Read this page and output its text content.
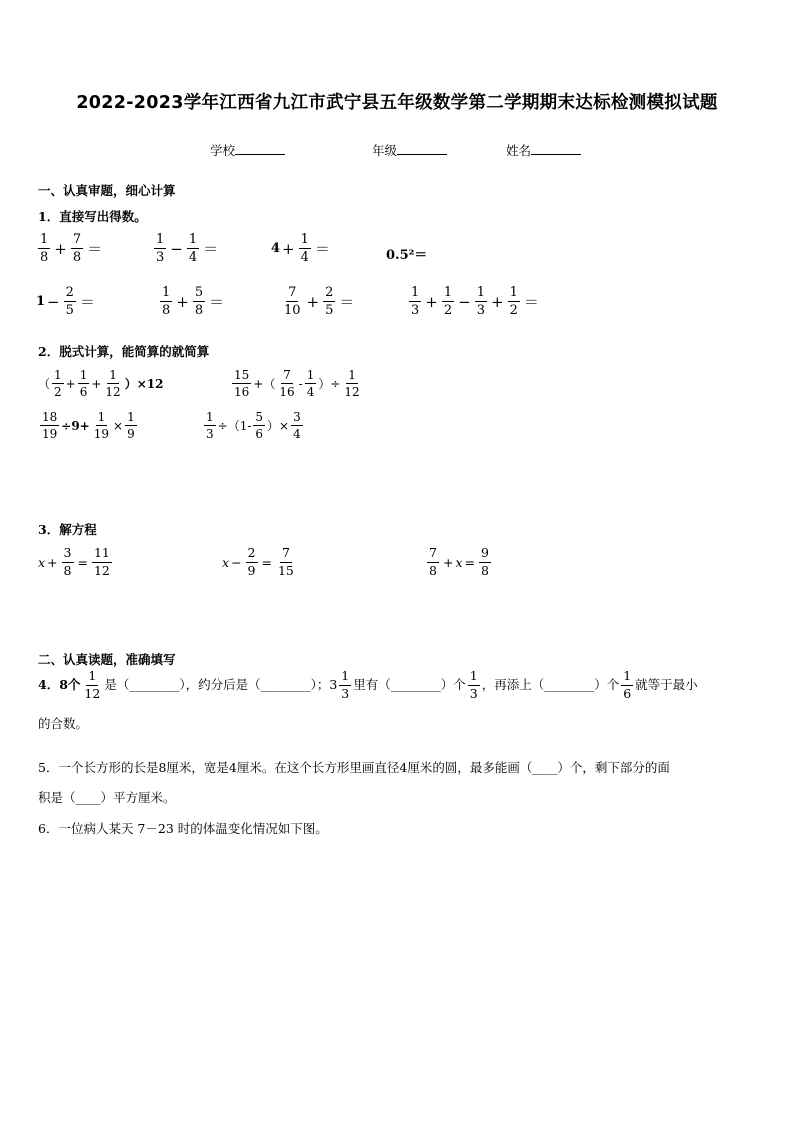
2022-2023学年江西省九江市武宁县五年级数学第二学期期末达标检测模拟试题
学校	年级	姓名
一、认真审题，细心计算
1．直接写出得数。
$\frac{1}{8} + \frac{7}{8}$ ＝	$\frac{1}{3} - \frac{1}{4}$ ＝	$4 + \frac{1}{4}$ ＝	0.5²＝
$1 - \frac{2}{5}$ ＝	$\frac{1}{8} + \frac{5}{8}$ ＝	$\frac{7}{10} + \frac{2}{5}$ ＝	$\frac{1}{3} + \frac{1}{2} - \frac{1}{3} + \frac{1}{2}$ ＝
2．脱式计算，能简算的就简算
（ $\frac{1}{2} + \frac{1}{6} + \frac{1}{12} )\times 12$	$\frac{15}{16}$ + （ $\frac{7}{16} - \frac{1}{4}$ ）÷ $\frac{1}{12}$
$\frac{18}{19} \div 9+ \frac{1}{19} \times \frac{1}{9}$	$\frac{1}{3} \div (1- \frac{5}{6}$ ）× $\frac{3}{4}$
3．解方程
$x + \frac{3}{8} = \frac{11}{12}$	$x - \frac{2}{9} = \frac{7}{15}$	$\frac{7}{8} + x = \frac{9}{8}$
二、认真读题，准确填写
4．8个 $\frac{1}{12}$ 是（________），约分后是（________）；$3 \frac{1}{3}$ 里有（________）个 $\frac{1}{3}$ ，再添上（________）个 $\frac{1}{6}$ 就等于最小
的合数。
5．一个长方形的长是8厘米，宽是4厘米。在这个长方形里画直径4厘米的圆，最多能画（____）个，剩下部分的面
积是（____）平方厘米。
6．一位病人某天 7－23 时的体温变化情况如下图。
